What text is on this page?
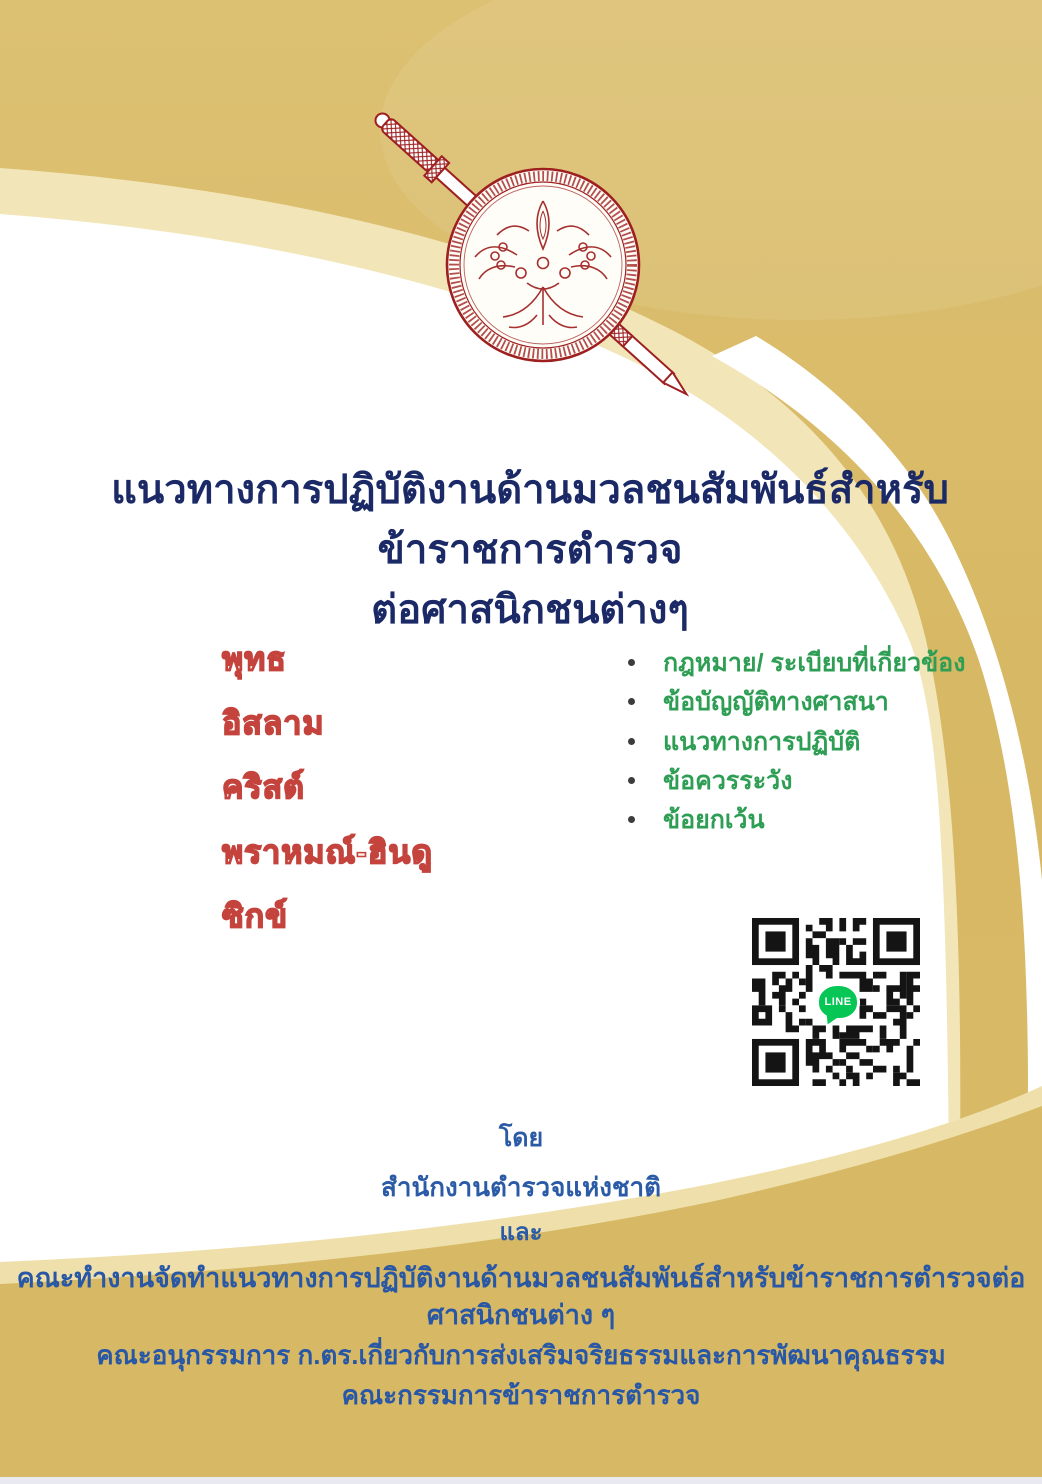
แนวทางการปฏิบัติงานด้านมวลชนสัมพันธ์สำหรับข้าราชการตำรวจ
ต่อศาสนิกชนต่างๆ
พุทธ
อิสลาม
คริสต์
พราหมณ์-ฮินดู
ซิกข์
กฎหมาย/ ระเบียบที่เกี่ยวข้อง
ข้อบัญญัติทางศาสนา
แนวทางการปฏิบัติ
ข้อควรระวัง
ข้อยกเว้น
LINE
โดย
สำนักงานตำรวจแห่งชาติ
และ
คณะทำงานจัดทำแนวทางการปฏิบัติงานด้านมวลชนสัมพันธ์สำหรับข้าราชการตำรวจต่อศาสนิกชนต่าง ๆ
คณะอนุกรรมการ ก.ตร.เกี่ยวกับการส่งเสริมจริยธรรมและการพัฒนาคุณธรรม
คณะกรรมการข้าราชการตำรวจ
